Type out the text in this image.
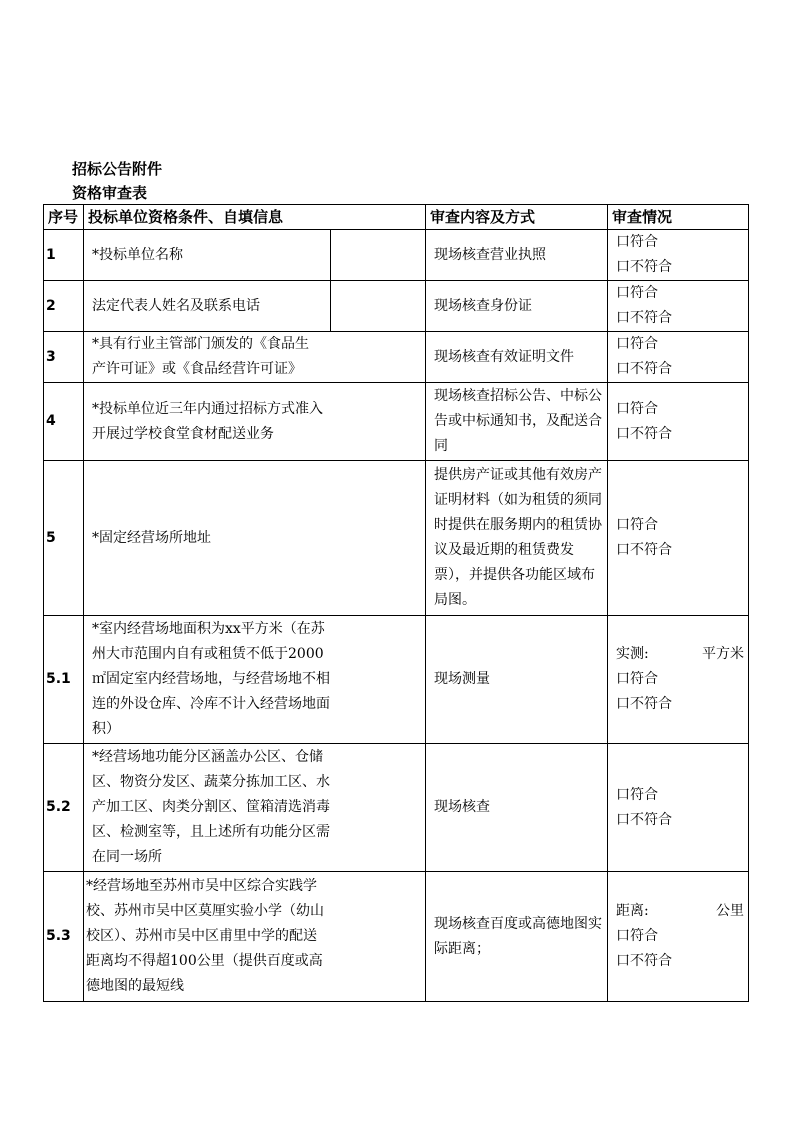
招标公告附件
资格审查表
序号	投标单位资格条件、自填信息		审查内容及方式	审查情况
1	*投标单位名称		现场核查营业执照	口符合
口不符合

2	法定代表人姓名及联系电话		现场核查身份证	口符合
口不符合

3	*具有行业主管部门颁发的《食品生产许可证》或《食品经营许可证》		现场核查有效证明文件	口符合
口不符合

4	*投标单位近三年内通过招标方式准入开展过学校食堂食材配送业务		现场核查招标公告、中标公告或中标通知书，及配送合同	口符合
口不符合

5	*固定经营场所地址		提供房产证或其他有效房产证明材料（如为租赁的须同时提供在服务期内的租赁协议及最近期的租赁费发票），并提供各功能区域布局图。	口符合
口不符合

5.1	*室内经营场地面积为xx平方米（在苏州大市范围内自有或租赁不低于2000㎡固定室内经营场地，与经营场地不相连的外设仓库、冷库不计入经营场地面积）		现场测量	实测: 平方米
口符合
口不符合

5.2	*经营场地功能分区涵盖办公区、仓储区、物资分发区、蔬菜分拣加工区、水产加工区、肉类分割区、筐箱清选消毒区、检测室等，且上述所有功能分区需在同一场所		现场核查	口符合
口不符合

5.3	*经营场地至苏州市吴中区综合实践学校、苏州市吴中区莫厘实验小学（幼山校区）、苏州市吴中区甫里中学的配送距离均不得超100公里（提供百度或高德地图的最短线		现场核查百度或高德地图实际距离；	距离: 公里
口符合
口不符合
